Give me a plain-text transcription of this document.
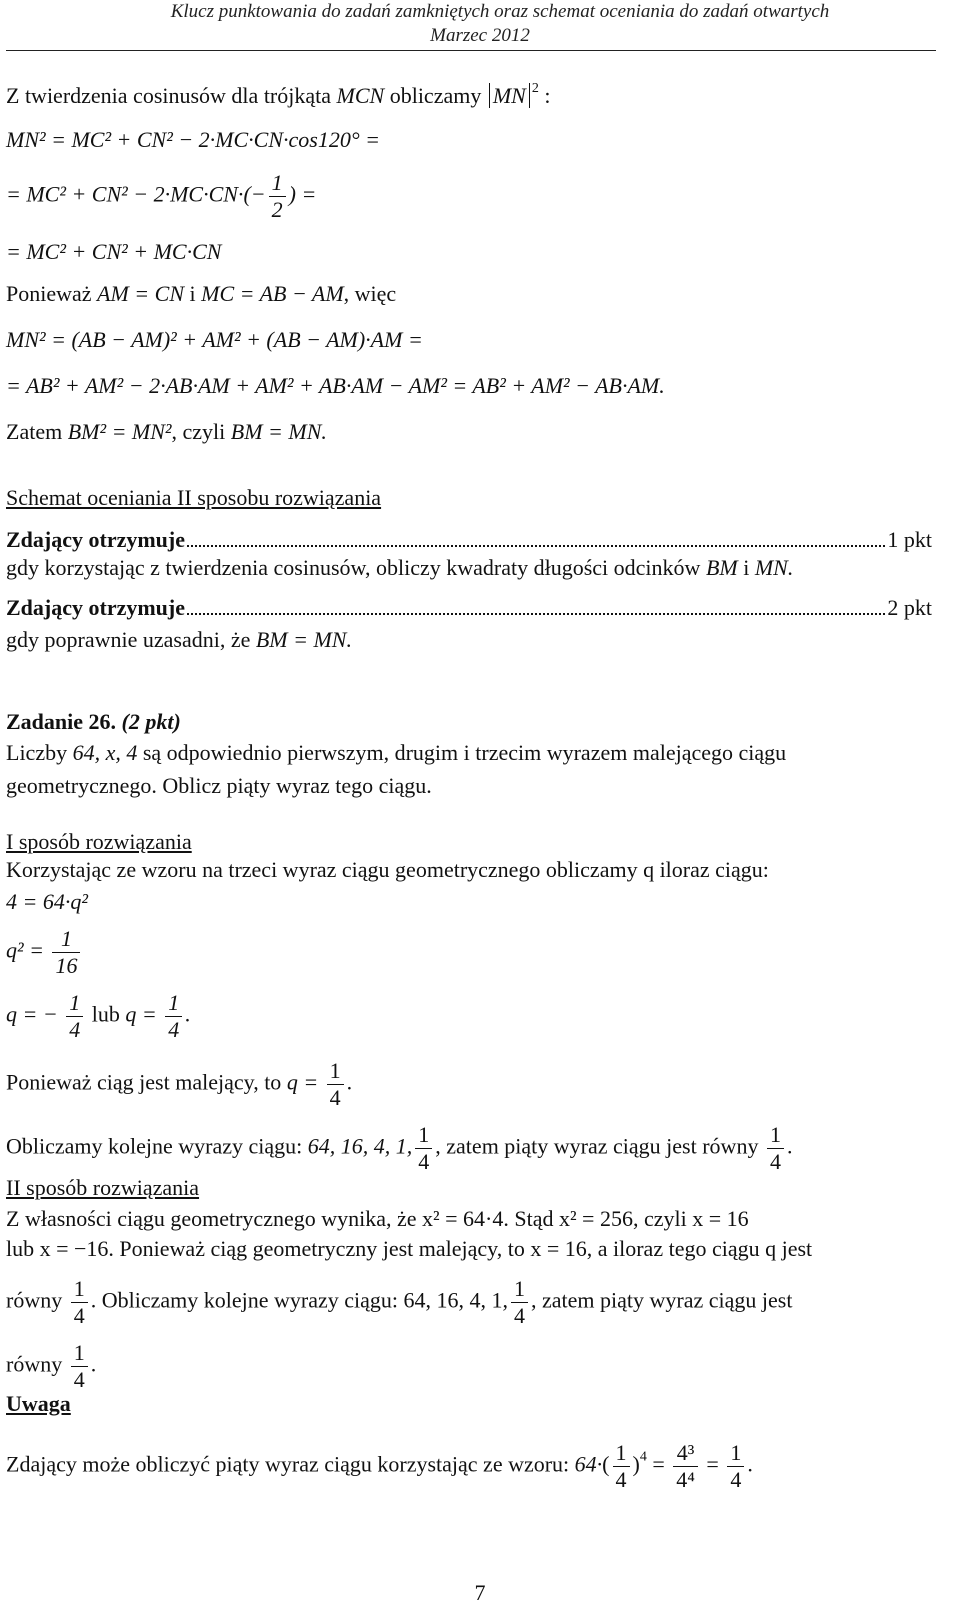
Klucz punktowania do zadań zamkniętych oraz schemat oceniania do zadań otwartych
Marzec 2012
Z twierdzenia cosinusów dla trójkąta MCN obliczamy MN $^2$ :
MN² = MC² + CN² − 2·MC·CN·cos120° =
= $MC^2 + CN^2 - 2\cdot MC\cdot CN\cdot(- \frac{1}{2}$ ) =
= MC² + CN² + MC·CN
Ponieważ AM = CN i MC = AB − AM, więc
MN² = (AB − AM)² + AM² + (AB − AM)·AM =
= AB² + AM² − 2·AB·AM + AM² + AB·AM − AM² = AB² + AM² − AB·AM.
Zatem BM² = MN², czyli BM = MN.
Schemat oceniania II sposobu rozwiązania
Zdający otrzymuje	1 pkt
gdy korzystając z twierdzenia cosinusów, obliczy kwadraty długości odcinków BM i MN.
Zdający otrzymuje	2 pkt
gdy poprawnie uzasadni, że BM = MN.
Zadanie 26. (2 pkt)
Liczby 64, x, 4 są odpowiednio pierwszym, drugim i trzecim wyrazem malejącego ciągu
geometrycznego. Oblicz piąty wyraz tego ciągu.
I sposób rozwiązania
Korzystając ze wzoru na trzeci wyraz ciągu geometrycznego obliczamy q iloraz ciągu:
4 = 64·q²
$q^2 = \frac{1}{16}$
q = − $\frac{1}{4}$ lub $q = \frac{1}{4}$ .
Ponieważ ciąg jest malejący, to $q = \frac{1}{4}$ .
Obliczamy kolejne wyrazy ciągu: 64, 16, 4, 1, $\frac{1}{4}$ , zatem piąty wyraz ciągu jest równy $\frac{1}{4}$ .
II sposób rozwiązania
Z własności ciągu geometrycznego wynika, że x² = 64·4. Stąd x² = 256, czyli x = 16
lub x = −16. Ponieważ ciąg geometryczny jest malejący, to x = 16, a iloraz tego ciągu q jest
równy $\frac{1}{4}$ . Obliczamy kolejne wyrazy ciągu: 64, 16, 4, 1, $\frac{1}{4}$ , zatem piąty wyraz ciągu jest
równy $\frac{1}{4}$ .
Uwaga
Zdający może obliczyć piąty wyraz ciągu korzystając ze wzoru: $64\cdot( \frac{1}{4} )^4 = \frac{\text{4³}}{\text{4⁴}} = \frac{1}{4}$ .
7
